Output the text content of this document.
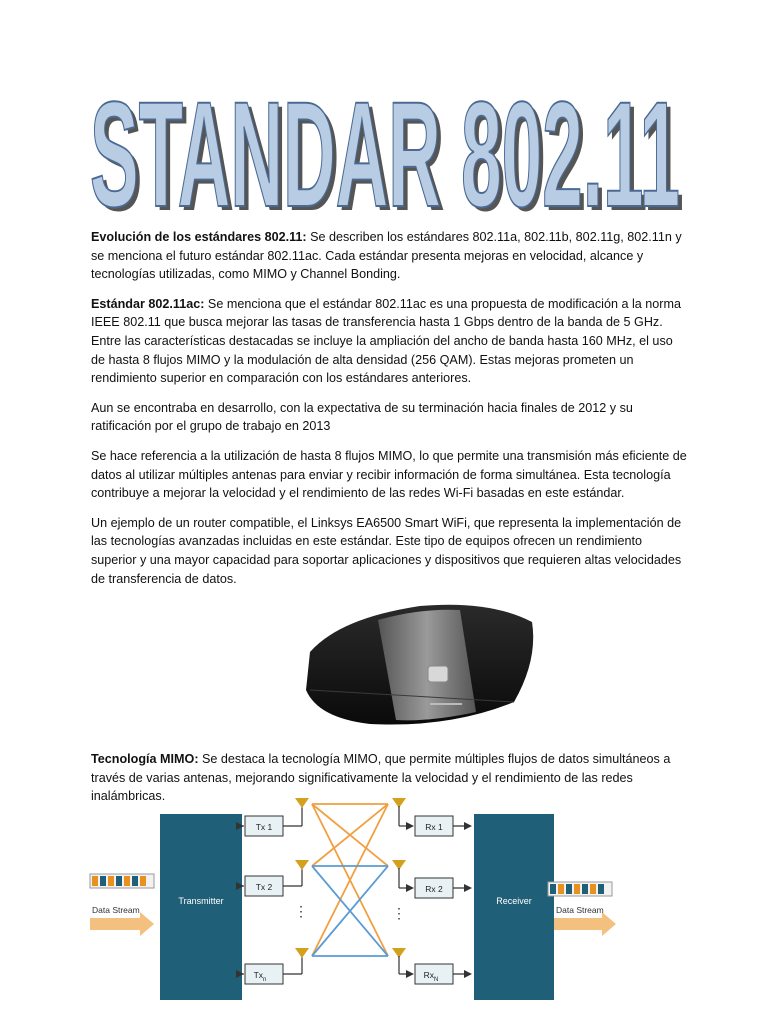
STANDAR 802.11
STANDAR 802.11

Evolución de los estándares 802.11: Se describen los estándares 802.11a, 802.11b, 802.11g, 802.11n y se menciona el futuro estándar 802.11ac. Cada estándar presenta mejoras en velocidad, alcance y tecnologías utilizadas, como MIMO y Channel Bonding.

Estándar 802.11ac: Se menciona que el estándar 802.11ac es una propuesta de modificación a la norma IEEE 802.11 que busca mejorar las tasas de transferencia hasta 1 Gbps dentro de la banda de 5 GHz. Entre las características destacadas se incluye la ampliación del ancho de banda hasta 160 MHz, el uso de hasta 8 flujos MIMO y la modulación de alta densidad (256 QAM). Estas mejoras prometen un rendimiento superior en comparación con los estándares anteriores.

Aun se encontraba en desarrollo, con la expectativa de su terminación hacia finales de 2012 y su ratificación por el grupo de trabajo en 2013

Se hace referencia a la utilización de hasta 8 flujos MIMO, lo que permite una transmisión más eficiente de datos al utilizar múltiples antenas para enviar y recibir información de forma simultánea. Esta tecnología contribuye a mejorar la velocidad y el rendimiento de las redes Wi-Fi basadas en este estándar.

Un ejemplo de un router compatible, el Linksys EA6500 Smart WiFi, que representa la implementación de las tecnologías avanzadas incluidas en este estándar. Este tipo de equipos ofrecen un rendimiento superior y una mayor capacidad para soportar aplicaciones y dispositivos que requieren altas velocidades de transferencia de datos.

Tecnología MIMO: Se destaca la tecnología MIMO, que permite múltiples flujos de datos simultáneos a través de varias antenas, mejorando significativamente la velocidad y el rendimiento de las redes inalámbricas.

Data Stream
Transmitter
Tx 1
Tx 2
⋮
$Tx_n$
⋮
Rx 1
Rx 2
$Rx_N$
Receiver
Data Stream
